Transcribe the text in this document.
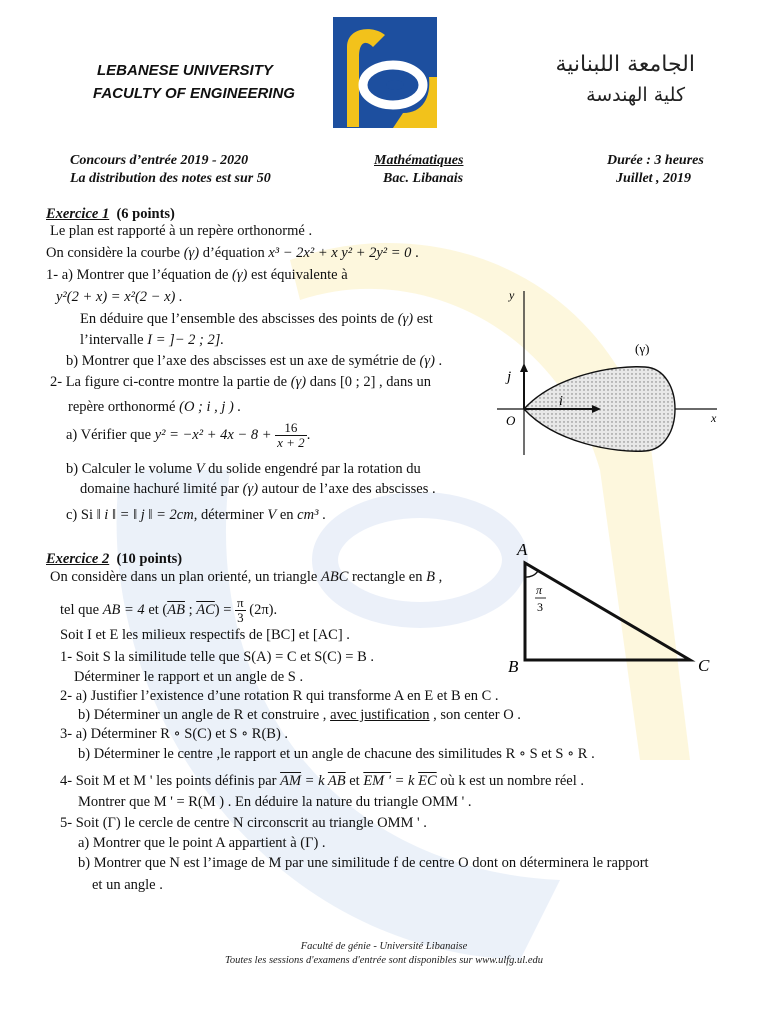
LEBANESE UNIVERSITY
FACULTY OF ENGINEERING
الجامعة اللبنانية
كلية الهندسة
Concours d’entrée 2019 - 2020
La distribution des notes est sur 50
Mathématiques
Bac. Libanais
Durée : 3 heures
Juillet , 2019
Exercice 1 (6 points)
Le plan est rapporté à un repère orthonormé .
On considère la courbe (γ) d’équation x³ − 2x² + x y² + 2y² = 0 .
1- a) Montrer que l’équation de (γ) est équivalente à
y²(2 + x) = x²(2 − x) .
En déduire que l’ensemble des abscisses des points de (γ) est
l’intervalle I = ]− 2 ; 2].
b) Montrer que l’axe des abscisses est un axe de symétrie de (γ) .
2- La figure ci-contre montre la partie de (γ) dans [0 ; 2] , dans un
repère orthonormé (O ; i , j ) .
a) Vérifier que $y^2 = -x^2 + 4x - 8 + \frac{16}{x + 2}$ .
b) Calculer le volume V du solide engendré par la rotation du
domaine hachuré limité par (γ) autour de l’axe des abscisses .
c) Si ‖ i ‖ = ‖ j ‖ = 2cm, déterminer V en cm³ .
y
x
O
(γ)
i
j
Exercice 2 (10 points)
On considère dans un plan orienté, un triangle ABC rectangle en B ,
tel que AB = 4 et ($\overline{AB}$ ; $\overline{AC}) = \frac{\pi}{3} (2\pi)$.
Soit I et E les milieux respectifs de [BC] et [AC] .
1- Soit S la similitude telle que S(A) = C et S(C) = B .
Déterminer le rapport et un angle de S .
2- a) Justifier l’existence d’une rotation R qui transforme A en E et B en C .
b) Déterminer un angle de R et construire , avec justification , son center O .
3- a) Déterminer R ∘ S(C) et S ∘ R(B) .
b) Déterminer le centre ,le rapport et un angle de chacune des similitudes R ∘ S et S ∘ R .
4- Soit M et M ' les points définis par $\overline{AM} = k$ $\overline{AB}$ et EM ' = k $\overline{EC}$ où k est un nombre réel .
Montrer que M ' = R(M ) . En déduire la nature du triangle OMM ' .
5- Soit (Γ) le cercle de centre N circonscrit au triangle OMM ' .
a) Montrer que le point A appartient à (Γ) .
b) Montrer que N est l’image de M par une similitude f de centre O dont on déterminera le rapport
et un angle .
A
B	C
π
3
Faculté de génie - Université Libanaise
Toutes les sessions d'examens d'entrée sont disponibles sur www.ulfg.ul.edu
